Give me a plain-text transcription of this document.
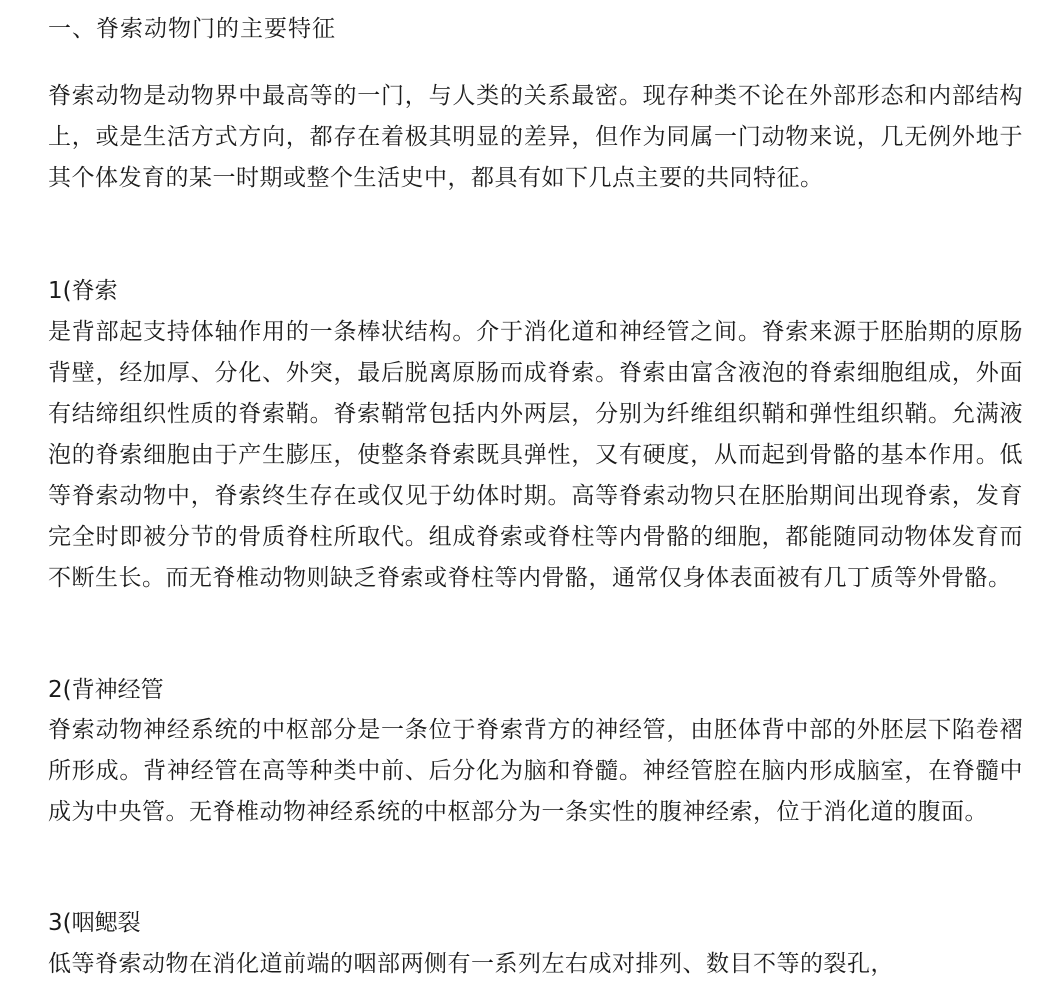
一、脊索动物门的主要特征
脊索动物是动物界中最高等的一门，与人类的关系最密。现存种类不论在外部形态和内部结构上，或是生活方式方向，都存在着极其明显的差异，但作为同属一门动物来说，几无例外地于其个体发育的某一时期或整个生活史中，都具有如下几点主要的共同特征。
1(脊索
是背部起支持体轴作用的一条棒状结构。介于消化道和神经管之间。脊索来源于胚胎期的原肠背壁，经加厚、分化、外突，最后脱离原肠而成脊索。脊索由富含液泡的脊索细胞组成，外面有结缔组织性质的脊索鞘。脊索鞘常包括内外两层，分别为纤维组织鞘和弹性组织鞘。允满液泡的脊索细胞由于产生膨压，使整条脊索既具弹性，又有硬度，从而起到骨骼的基本作用。低等脊索动物中，脊索终生存在或仅见于幼体时期。高等脊索动物只在胚胎期间出现脊索，发育完全时即被分节的骨质脊柱所取代。组成脊索或脊柱等内骨骼的细胞，都能随同动物体发育而不断生长。而无脊椎动物则缺乏脊索或脊柱等内骨骼，通常仅身体表面被有几丁质等外骨骼。
2(背神经管
脊索动物神经系统的中枢部分是一条位于脊索背方的神经管，由胚体背中部的外胚层下陷卷褶所形成。背神经管在高等种类中前、后分化为脑和脊髓。神经管腔在脑内形成脑室，在脊髓中成为中央管。无脊椎动物神经系统的中枢部分为一条实性的腹神经索，位于消化道的腹面。
3(咽鳃裂
低等脊索动物在消化道前端的咽部两侧有一系列左右成对排列、数目不等的裂孔，
